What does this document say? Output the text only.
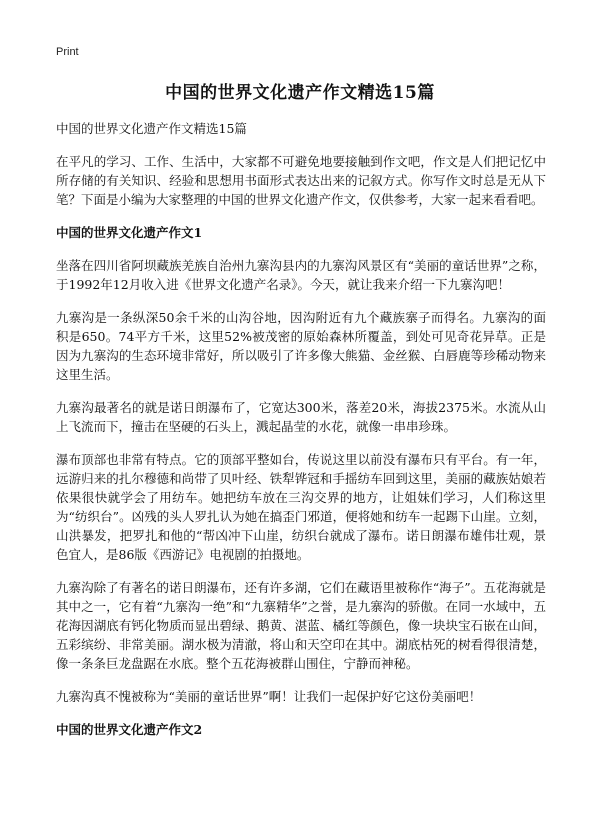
Print
中国的世界文化遗产作文精选15篇

中国的世界文化遗产作文精选15篇

在平凡的学习、工作、生活中，大家都不可避免地要接触到作文吧，作文是人们把记忆中所存储的有关知识、经验和思想用书面形式表达出来的记叙方式。你写作文时总是无从下笔？下面是小编为大家整理的中国的世界文化遗产作文，仅供参考，大家一起来看看吧。

中国的世界文化遗产作文1

坐落在四川省阿坝藏族羌族自治州九寨沟县内的九寨沟风景区有“美丽的童话世界”之称，于1992年12月收入进《世界文化遗产名录》。今天，就让我来介绍一下九寨沟吧！

九寨沟是一条纵深50余千米的山沟谷地，因沟附近有九个藏族寨子而得名。九寨沟的面积是650。74平方千米，这里52%被茂密的原始森林所覆盖，到处可见奇花异草。正是因为九寨沟的生态环境非常好，所以吸引了许多像大熊猫、金丝猴、白唇鹿等珍稀动物来这里生活。

九寨沟最著名的就是诺日朗瀑布了，它宽达300米，落差20米，海拔2375米。水流从山上飞流而下，撞击在坚硬的石头上，溅起晶莹的水花，就像一串串珍珠。

瀑布顶部也非常有特点。它的顶部平整如台，传说这里以前没有瀑布只有平台。有一年，远游归来的扎尔穆德和尚带了贝叶经、铁犁铧冠和手摇纺车回到这里，美丽的藏族姑娘若依果很快就学会了用纺车。她把纺车放在三沟交界的地方，让姐妹们学习，人们称这里为“纺织台”。凶残的头人罗扎认为她在搞歪门邪道，便将她和纺车一起踢下山崖。立刻，山洪暴发，把罗扎和他的“帮凶冲下山崖，纺织台就成了瀑布。诺日朗瀑布雄伟壮观，景色宜人，是86版《西游记》电视剧的拍摄地。

九寨沟除了有著名的诺日朗瀑布，还有许多湖，它们在藏语里被称作“海子”。五花海就是其中之一，它有着“九寨沟一绝”和“九寨精华”之誉，是九寨沟的骄傲。在同一水域中，五花海因湖底有钙化物质而显出碧绿、鹅黄、湛蓝、橘红等颜色，像一块块宝石嵌在山间，五彩缤纷、非常美丽。湖水极为清澈，将山和天空印在其中。湖底枯死的树看得很清楚，像一条条巨龙盘踞在水底。整个五花海被群山围住，宁静而神秘。

九寨沟真不愧被称为“美丽的童话世界”啊！让我们一起保护好它这份美丽吧！

中国的世界文化遗产作文2
